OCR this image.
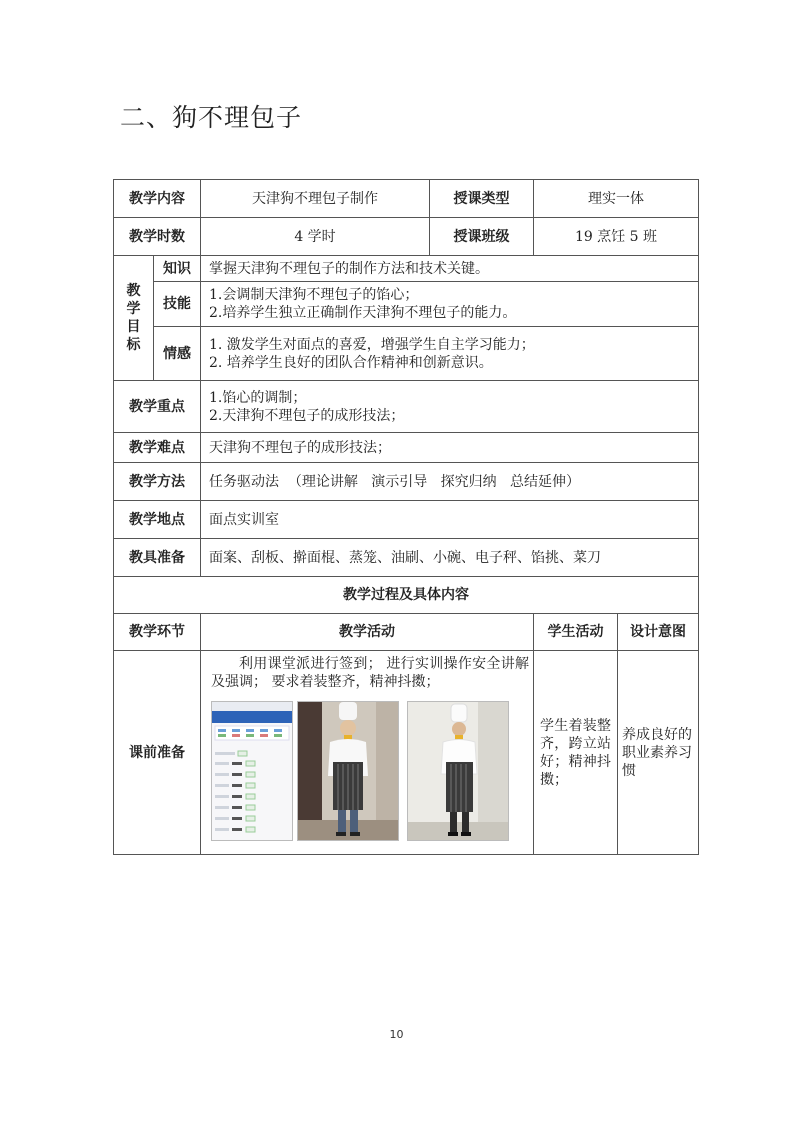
二、狗不理包子
教学内容		天津狗不理包子制作	授课类型	理实一体	
教学时数		4 学时	授课班级	19 烹饪 5 班	

教
学
目
标	知识	掌握天津狗不理包子的制作方法和技术关键。			

	技能	1.会调制天津狗不理包子的馅心；
2.培养学生独立正确制作天津狗不理包子的能力。			

	情感	1. 激发学生对面点的喜爱，增强学生自主学习能力；
2. 培养学生良好的团队合作精神和创新意识。			

教学重点		1.馅心的调制；
2.天津狗不理包子的成形技法；			

教学难点		天津狗不理包子的成形技法；			
教学方法		任务驱动法  （理论讲解   演示引导   探究归纳   总结延伸）			
教学地点		面点实训室			
教具准备		面案、刮板、擀面棍、蒸笼、油刷、小碗、电子秤、馅挑、菜刀			
教学过程及具体内容					
教学环节		教学活动		学生活动	设计意图
课前准备		利用课堂派进行签到； 进行实训操作安全讲解及强调； 要求着装整齐，精神抖擞；		学生着装整齐，跨立站好；精神抖擞；	养成良好的职业素养习惯
10
